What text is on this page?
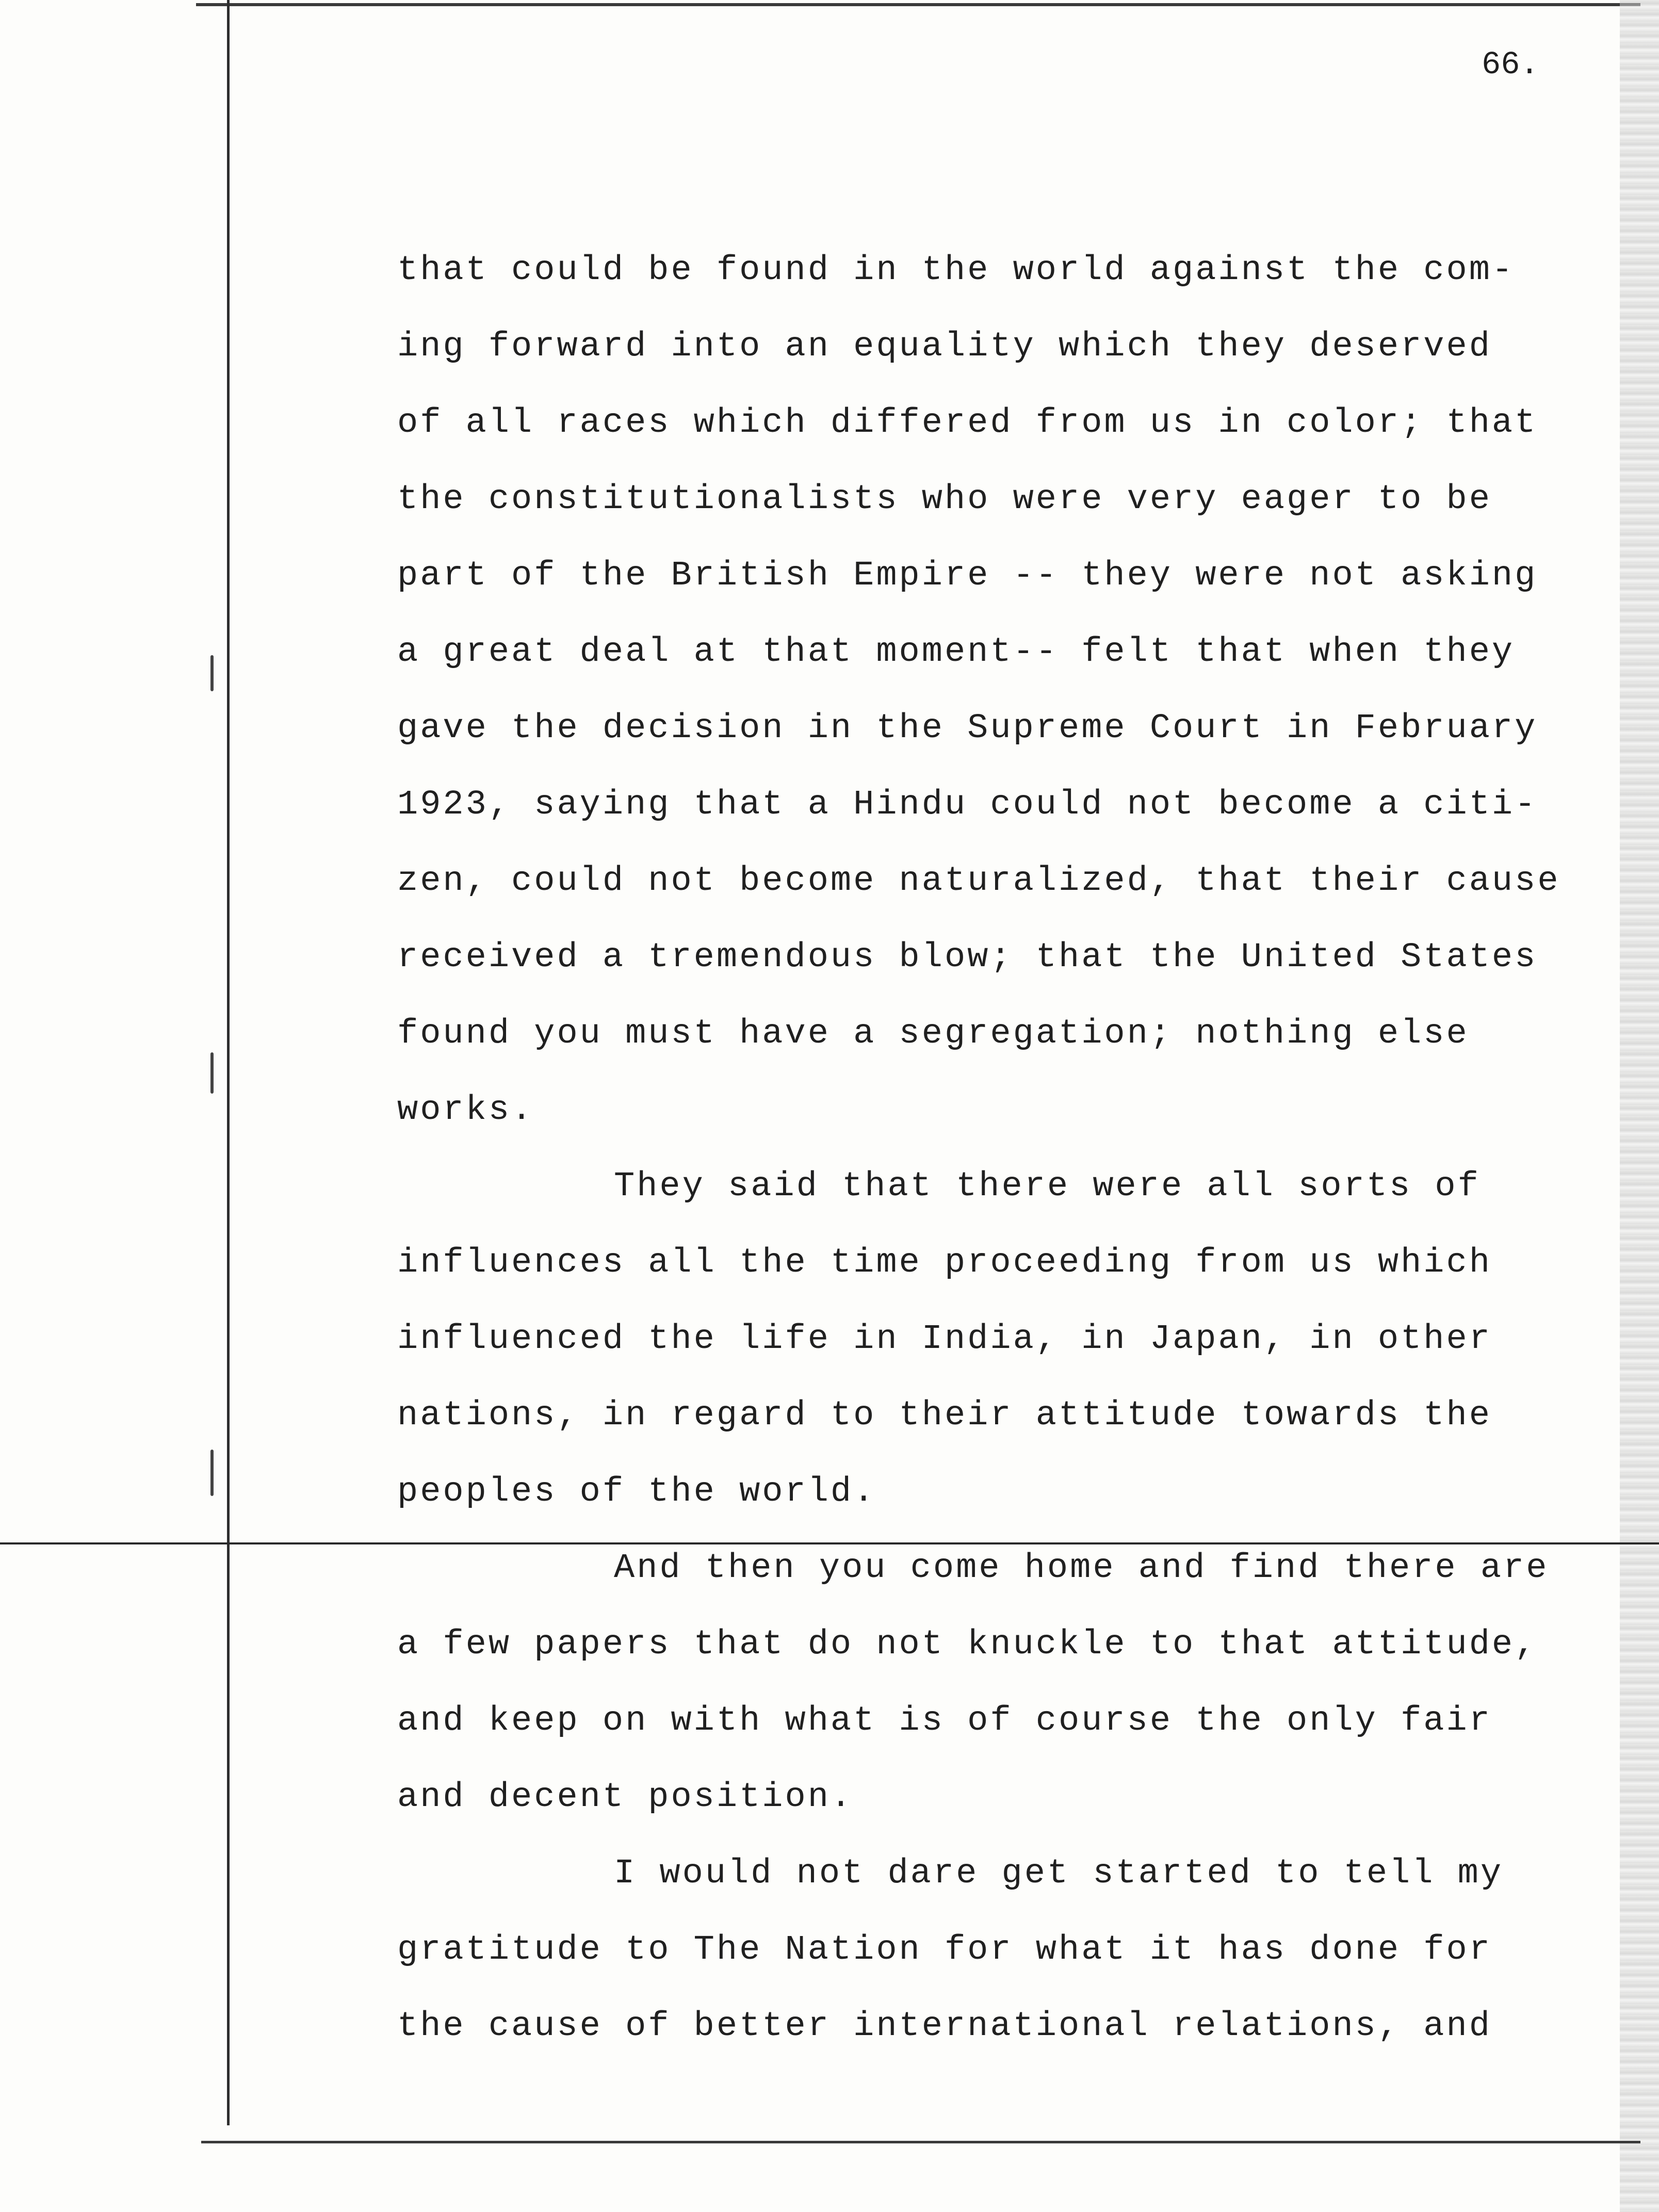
66.
that could be found in the world against the com-
ing forward into an equality which they deserved
of all races which differed from us in color; that
the constitutionalists who were very eager to be
part of the British Empire -- they were not asking
a great deal at that moment-- felt that when they
gave the decision in the Supreme Court in February
1923, saying that a Hindu could not become a citi-
zen, could not become naturalized, that their cause
received a tremendous blow; that the United States
found you must have a segregation; nothing else
works.
They said that there were all sorts of
influences all the time proceeding from us which
influenced the life in India, in Japan, in other
nations, in regard to their attitude towards the
peoples of the world.
And then you come home and find there are
a few papers that do not knuckle to that attitude,
and keep on with what is of course the only fair
and decent position.
I would not dare get started to tell my
gratitude to The Nation for what it has done for
the cause of better international relations, and
